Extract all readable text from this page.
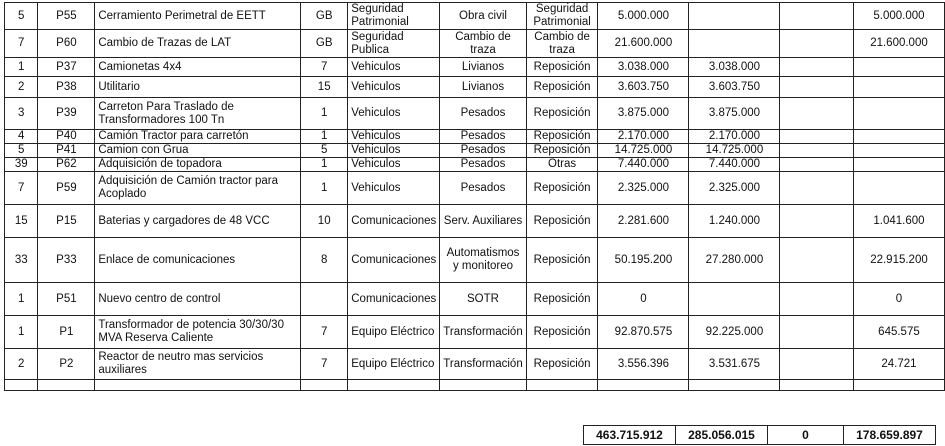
5	P55	Cerramiento Perimetral de EETT	GB	Seguridad Patrimonial	Obra civil	Seguridad Patrimonial	5.000.000			5.000.000
7	P60	Cambio de Trazas de LAT	GB	Seguridad Publica	Cambio de traza	Cambio de traza	21.600.000			21.600.000
1	P37	Camionetas 4x4	7	Vehiculos	Livianos	Reposición	3.038.000	3.038.000		
2	P38	Utilitario	15	Vehiculos	Livianos	Reposición	3.603.750	3.603.750		
3	P39	Carreton Para Traslado de Transformadores 100 Tn	1	Vehiculos	Pesados	Reposición	3.875.000	3.875.000		
4	P40	Camión Tractor para carretón	1	Vehiculos	Pesados	Reposición	2.170.000	2.170.000		
5	P41	Camion con Grua	5	Vehiculos	Pesados	Reposición	14.725.000	14.725.000		
39	P62	Adquisición de topadora	1	Vehiculos	Pesados	Otras	7.440.000	7.440.000		
7	P59	Adquisición de Camión tractor para Acoplado	1	Vehiculos	Pesados	Reposición	2.325.000	2.325.000		
15	P15	Baterias y cargadores de 48 VCC	10	Comunicaciones	Serv. Auxiliares	Reposición	2.281.600	1.240.000		1.041.600
33	P33	Enlace de comunicaciones	8	Comunicaciones	Automatismos y monitoreo	Reposición	50.195.200	27.280.000		22.915.200
1	P51	Nuevo centro de control		Comunicaciones	SOTR	Reposición	0			0
1	P1	Transformador de potencia 30/30/30 MVA Reserva Caliente	7	Equipo Eléctrico	Transformación	Reposición	92.870.575	92.225.000		645.575
2	P2	Reactor de neutro mas servicios auxiliares	7	Equipo Eléctrico	Transformación	Reposición	3.556.396	3.531.675		24.721

463.715.912	285.056.015	0	178.659.897
